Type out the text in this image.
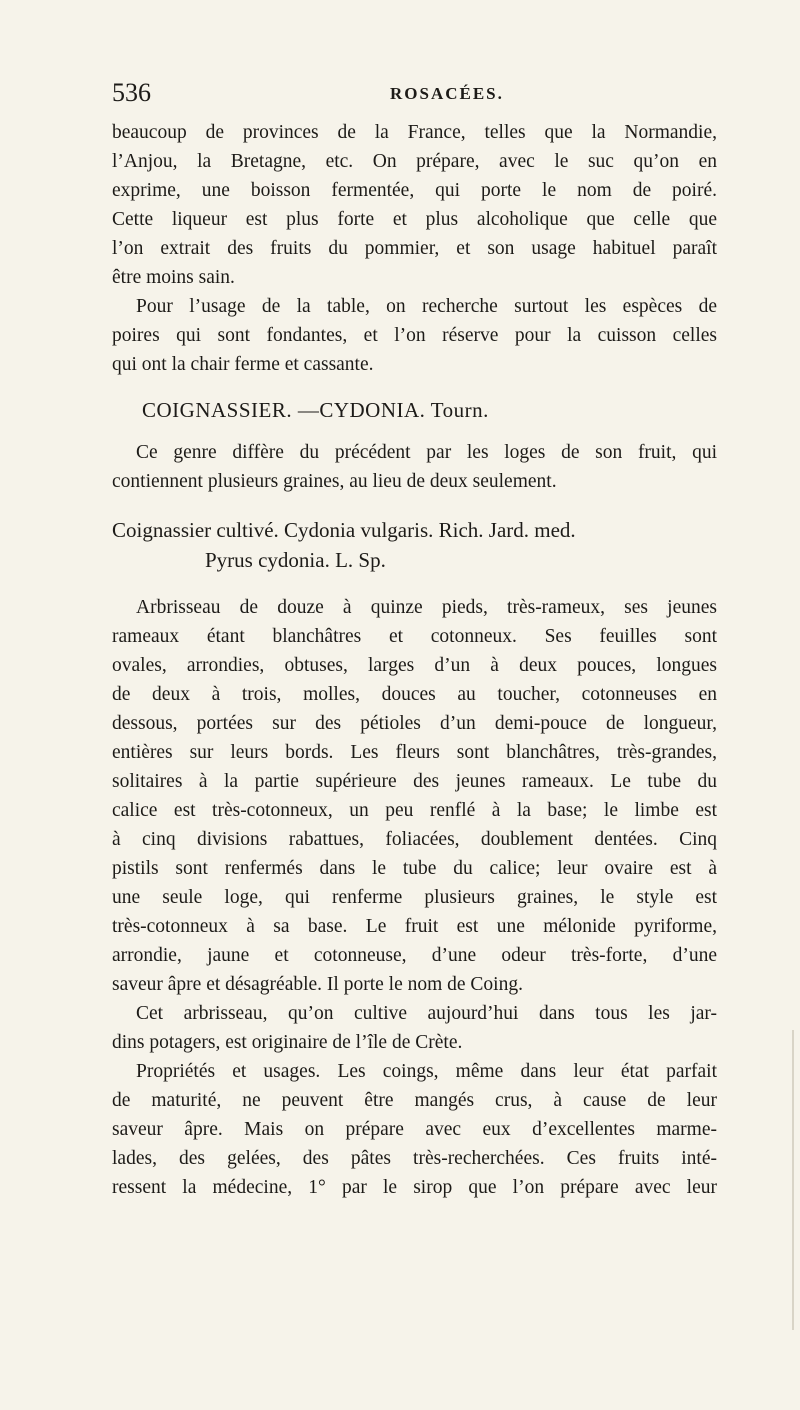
536	ROSACÉES.
beaucoup de provinces de la France, telles que la Normandie,
l’Anjou, la Bretagne, etc. On prépare, avec le suc qu’on en
exprime, une boisson fermentée, qui porte le nom de poiré.
Cette liqueur est plus forte et plus alcoholique que celle que
l’on extrait des fruits du pommier, et son usage habituel paraît
être moins sain.
Pour l’usage de la table, on recherche surtout les espèces de
poires qui sont fondantes, et l’on réserve pour la cuisson celles
qui ont la chair ferme et cassante.
COIGNASSIER. —CYDONIA. Tourn.
Ce genre diffère du précédent par les loges de son fruit, qui
contiennent plusieurs graines, au lieu de deux seulement.
Coignassier cultivé. Cydonia vulgaris. Rich. Jard. med.
Pyrus cydonia. L. Sp.
Arbrisseau de douze à quinze pieds, très-rameux, ses jeunes
rameaux étant blanchâtres et cotonneux. Ses feuilles sont
ovales, arrondies, obtuses, larges d’un à deux pouces, longues
de deux à trois, molles, douces au toucher, cotonneuses en
dessous, portées sur des pétioles d’un demi-pouce de longueur,
entières sur leurs bords. Les fleurs sont blanchâtres, très-grandes,
solitaires à la partie supérieure des jeunes rameaux. Le tube du
calice est très-cotonneux, un peu renflé à la base; le limbe est
à cinq divisions rabattues, foliacées, doublement dentées. Cinq
pistils sont renfermés dans le tube du calice; leur ovaire est à
une seule loge, qui renferme plusieurs graines, le style est
très-cotonneux à sa base. Le fruit est une mélonide pyriforme,
arrondie, jaune et cotonneuse, d’une odeur très-forte, d’une
saveur âpre et désagréable. Il porte le nom de Coing.
Cet arbrisseau, qu’on cultive aujourd’hui dans tous les jar-
dins potagers, est originaire de l’île de Crète.
Propriétés et usages. Les coings, même dans leur état parfait
de maturité, ne peuvent être mangés crus, à cause de leur
saveur âpre. Mais on prépare avec eux d’excellentes marme-
lades, des gelées, des pâtes très-recherchées. Ces fruits inté-
ressent la médecine, 1° par le sirop que l’on prépare avec leur
